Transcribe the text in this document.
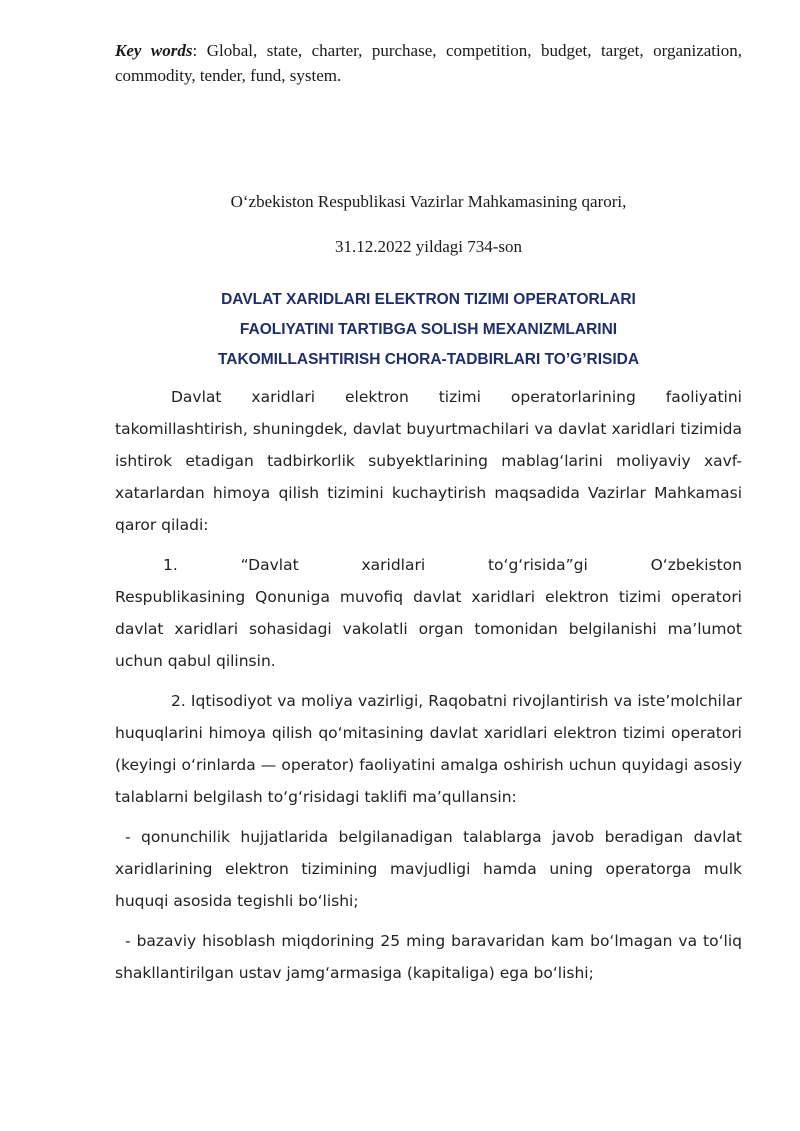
Key words: Global, state, charter, purchase, competition, budget, target, organization, commodity, tender, fund, system.

O‘zbekiston Respublikasi Vazirlar Mahkamasining qarori,

31.12.2022 yildagi 734-son

DAVLAT XARIDLARI ELEKTRON TIZIMI OPERATORLARI
FAOLIYATINI TARTIBGA SOLISH MEXANIZMLARINI
TAKOMILLASHTIRISH CHORA-TADBIRLARI TO’G’RISIDA

Davlat xaridlari elektron tizimi operatorlarining faoliyatini takomillashtirish, shuningdek, davlat buyurtmachilari va davlat xaridlari tizimida ishtirok etadigan tadbirkorlik subyektlarining mablag‘larini moliyaviy xavf-xatarlardan himoya qilish tizimini kuchaytirish maqsadida Vazirlar Mahkamasi qaror qiladi:

1.	“Davlat	xaridlari	to‘g‘risida”gi	O‘zbekiston

Respublikasining Qonuniga muvofiq davlat xaridlari elektron tizimi operatori davlat xaridlari sohasidagi vakolatli organ tomonidan belgilanishi ma’lumot uchun qabul qilinsin.

2. Iqtisodiyot va moliya vazirligi, Raqobatni rivojlantirish va iste’molchilar huquqlarini himoya qilish qo‘mitasining davlat xaridlari elektron tizimi operatori (keyingi o‘rinlarda — operator) faoliyatini amalga oshirish uchun quyidagi asosiy talablarni belgilash to‘g‘risidagi taklifi ma’qullansin:

- qonunchilik hujjatlarida belgilanadigan talablarga javob beradigan davlat xaridlarining elektron tizimining mavjudligi hamda uning operatorga mulk huquqi asosida tegishli bo‘lishi;

- bazaviy hisoblash miqdorining 25 ming baravaridan kam bo‘lmagan va to‘liq shakllantirilgan ustav jamg‘armasiga (kapitaliga) ega bo‘lishi;
